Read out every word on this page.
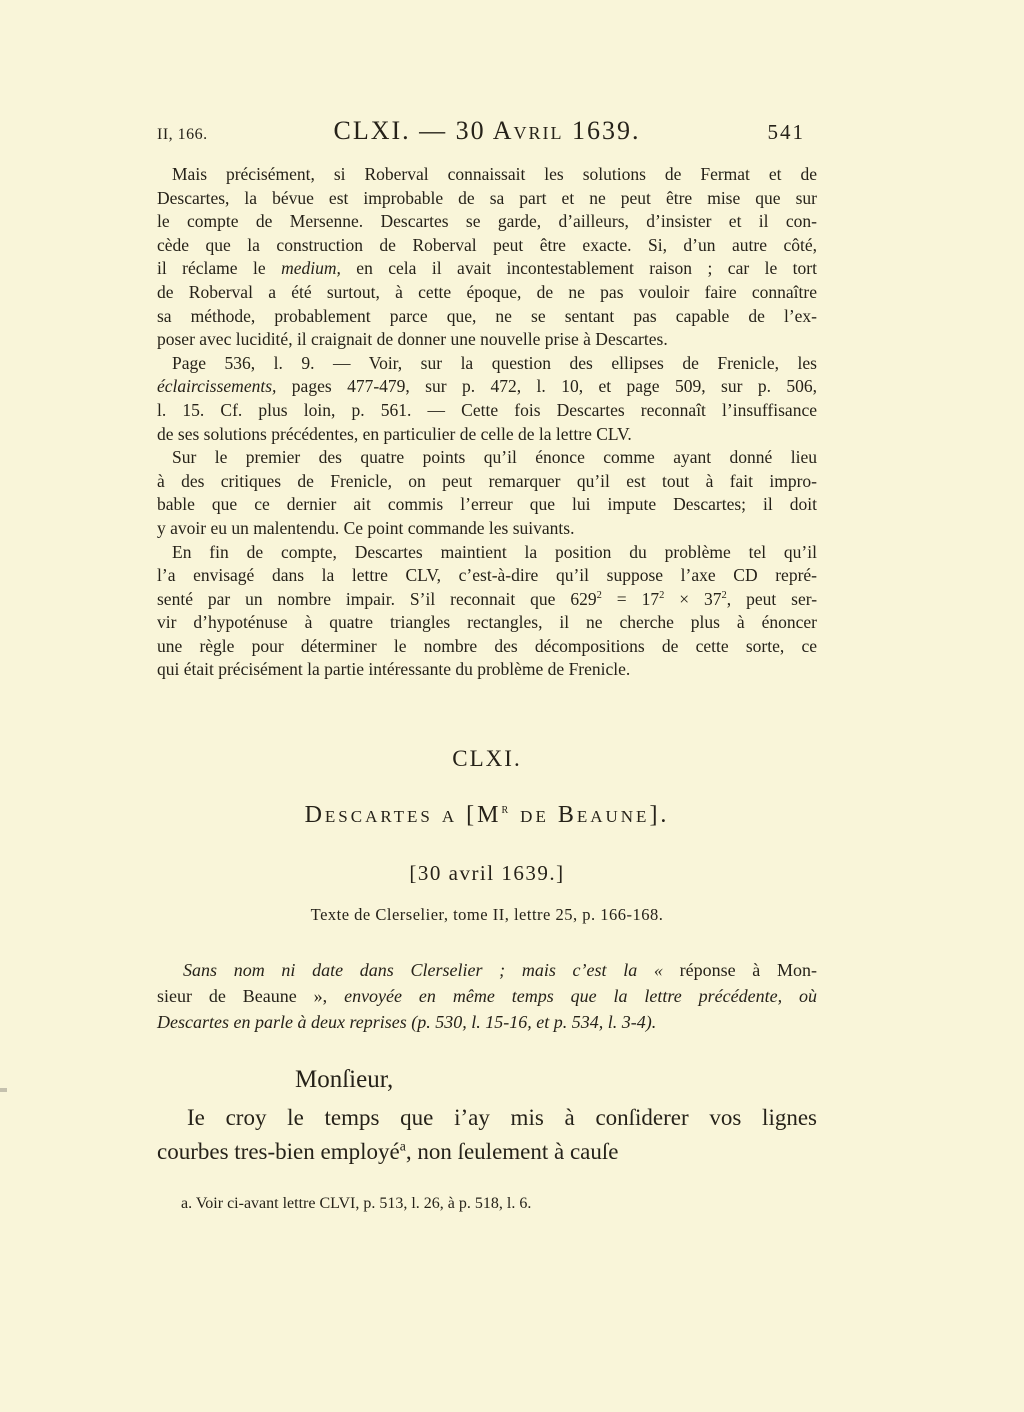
II, 166.	CLXI. — 30 Avril 1639.	541
Mais précisément, si Roberval connaissait les solutions de Fermat et de
Descartes, la bévue est improbable de sa part et ne peut être mise que sur
le compte de Mersenne. Descartes se garde, d’ailleurs, d’insister et il con-
cède que la construction de Roberval peut être exacte. Si, d’un autre côté,
il réclame le medium, en cela il avait incontestablement raison ; car le tort
de Roberval a été surtout, à cette époque, de ne pas vouloir faire connaître
sa méthode, probablement parce que, ne se sentant pas capable de l’ex-
poser avec lucidité, il craignait de donner une nouvelle prise à Descartes.
Page 536, l. 9. — Voir, sur la question des ellipses de Frenicle, les
éclaircissements, pages 477-479, sur p. 472, l. 10, et page 509, sur p. 506,
l. 15. Cf. plus loin, p. 561. — Cette fois Descartes reconnaît l’insuffisance
de ses solutions précédentes, en particulier de celle de la lettre CLV.
Sur le premier des quatre points qu’il énonce comme ayant donné lieu
à des critiques de Frenicle, on peut remarquer qu’il est tout à fait impro-
bable que ce dernier ait commis l’erreur que lui impute Descartes; il doit
y avoir eu un malentendu. Ce point commande les suivants.
En fin de compte, Descartes maintient la position du problème tel qu’il
l’a envisagé dans la lettre CLV, c’est-à-dire qu’il suppose l’axe CD repré-
senté par un nombre impair. S’il reconnait que $629^2 = 17^2 \times 37^2$, peut ser-
vir d’hypoténuse à quatre triangles rectangles, il ne cherche plus à énoncer
une règle pour déterminer le nombre des décompositions de cette sorte, ce
qui était précisément la partie intéressante du problème de Frenicle.
CLXI.
Descartes a [$M^r$ de Beaune].
[30 avril 1639.]
Texte de Clerselier, tome II, lettre 25, p. 166-168.
Sans nom ni date dans Clerselier ; mais c’est la « réponse à Mon-
sieur de Beaune », envoyée en même temps que la lettre précédente, où
Descartes en parle à deux reprises (p. 530, l. 15-16, et p. 534, l. 3-4).
Monſieur,
Ie croy le temps que i’ay mis à conſiderer vos lignes
courbes tres-bien employé$^a$, non ſeulement à cauſe
a. Voir ci-avant lettre CLVI, p. 513, l. 26, à p. 518, l. 6.
